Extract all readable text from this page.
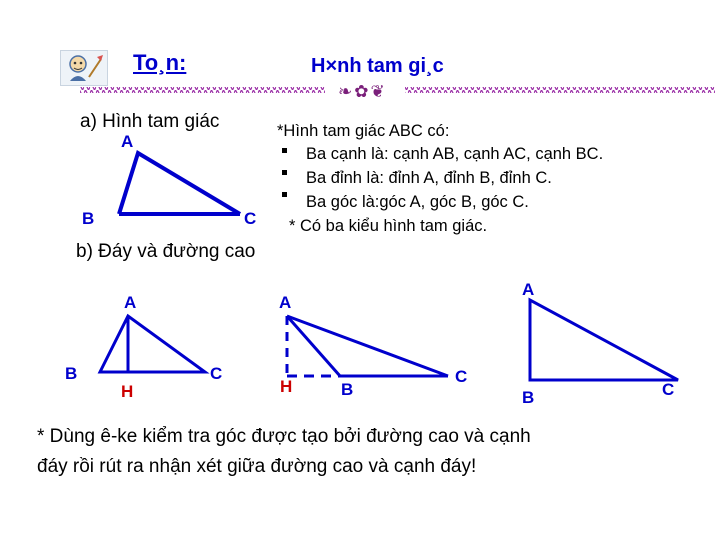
To¸n:	H×nh tam gi¸c
❧✿❦
a) Hình tam giác
A
B	C
*Hình tam giác ABC có:
Ba cạnh là: cạnh AB, cạnh AC, cạnh BC.
Ba đỉnh là: đỉnh A, đỉnh B, đỉnh C.
Ba góc là:góc A, góc B, góc C.
* Có ba kiểu hình tam giác.
b) Đáy và đường cao
A
B	C
H
A
H	B
C
A
B	C
* Dùng ê-ke kiểm tra góc được tạo bởi đường cao và cạnh
đáy rồi rút ra nhận xét giữa đường cao và cạnh đáy!
